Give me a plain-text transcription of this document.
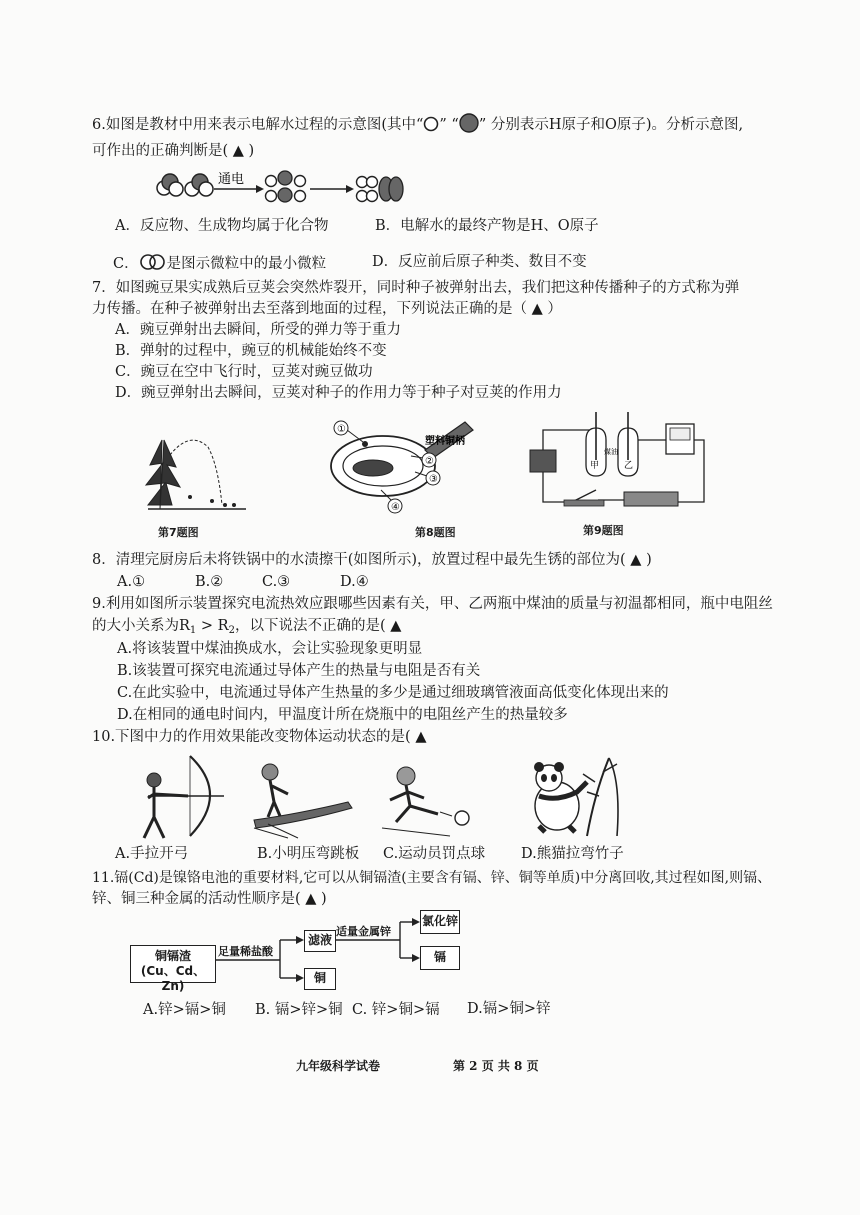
6.如图是教材中用来表示电解水过程的示意图(其中“ ” “ ” 分别表示H原子和O原子)。分析示意图,
可作出的正确判断是( ▲ )
通电
A．反应物、生成物均属于化合物	B．电解水的最终产物是H、O原子
C． 是图示微粒中的最小微粒	D．反应前后原子种类、数目不变
7．如图豌豆果实成熟后豆荚会突然炸裂开，同时种子被弹射出去，我们把这种传播种子的方式称为弹
力传播。在种子被弹射出去至落到地面的过程，下列说法正确的是（ ▲ ）
A．豌豆弹射出去瞬间，所受的弹力等于重力
B．弹射的过程中，豌豆的机械能始终不变
C．豌豆在空中飞行时，豆荚对豌豆做功
D．豌豆弹射出去瞬间，豆荚对种子的作用力等于种子对豆荚的作用力
第7题图
①
②
③
④
塑料铜柄
第8题图
甲	乙
煤油
第9题图
8．清理完厨房后未将铁锅中的水渍擦干(如图所示)，放置过程中最先生锈的部位为( ▲ )
A.①	B.②	C.③	D.④
9.利用如图所示装置探究电流热效应跟哪些因素有关，甲、乙两瓶中煤油的质量与初温都相同，瓶中电阻丝
的大小关系为$R_1 > R_2$，以下说法不正确的是( ▲
A.将该装置中煤油换成水，会让实验现象更明显
B.该装置可探究电流通过导体产生的热量与电阻是否有关
C.在此实验中，电流通过导体产生热量的多少是通过细玻璃管液面高低变化体现出来的
D.在相同的通电时间内，甲温度计所在烧瓶中的电阻丝产生的热量较多
10.下图中力的作用效果能改变物体运动状态的是( ▲
A.手拉开弓	B.小明压弯跳板 C.运动员罚点球 D.熊猫拉弯竹子
11.镉(Cd)是镍铬电池的重要材料,它可以从铜镉渣(主要含有镉、锌、铜等单质)中分离回收,其过程如图,则镉、
锌、铜三种金属的活动性顺序是( ▲ )
铜镉渣
(Cu、Cd、Zn)
足量稀盐酸
滤液
铜
适量金属锌
氯化锌
镉
A.锌>镉>铜 B. 镉>锌>铜 C. 锌>铜>镉 D.镉>铜>锌
九年级科学试卷	第 2 页 共 8 页
